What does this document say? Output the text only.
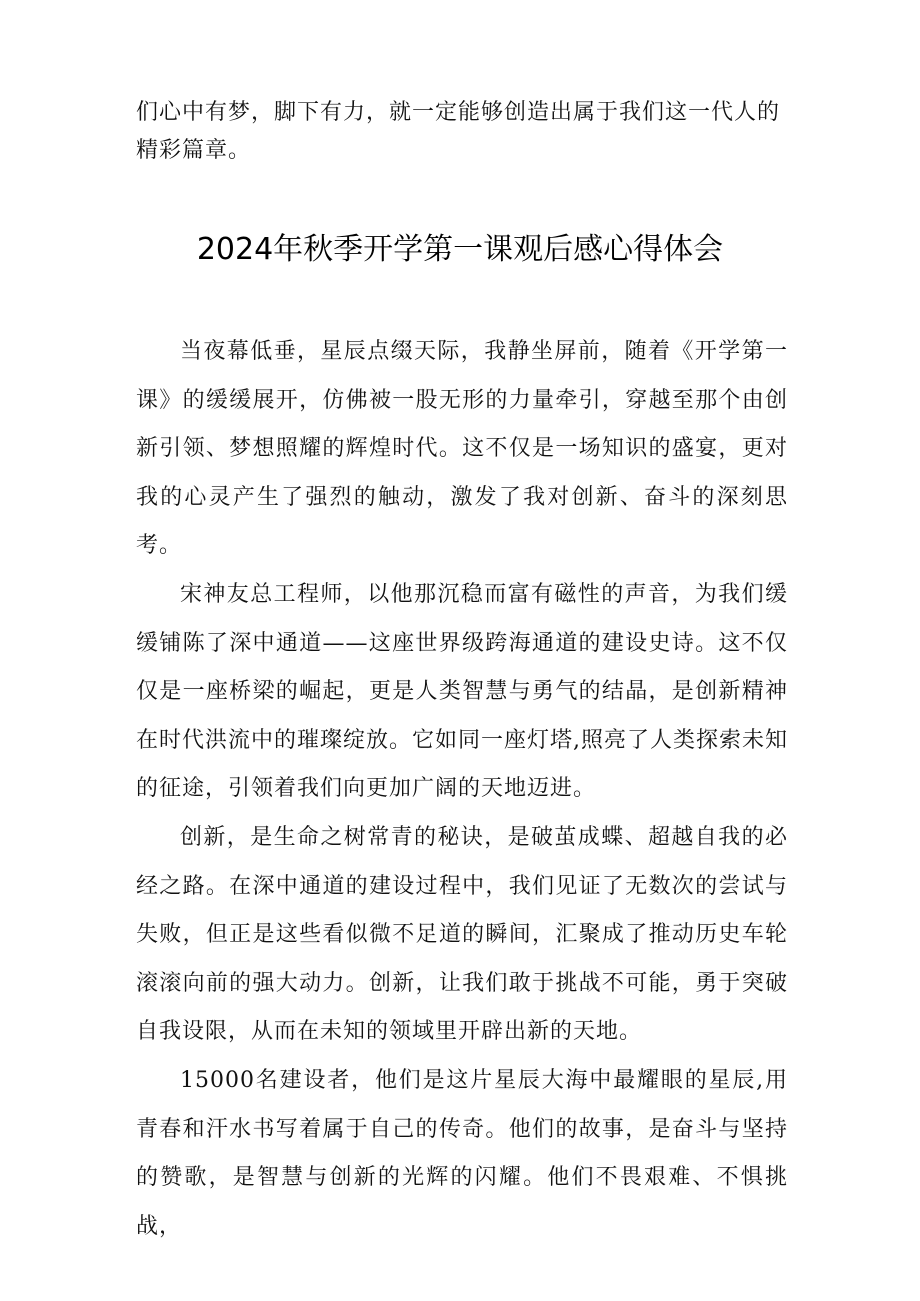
们心中有梦，脚下有力，就一定能够创造出属于我们这一代人的精彩篇章。

2024年秋季开学第一课观后感心得体会

当夜幕低垂，星辰点缀天际，我静坐屏前，随着《开学第一课》的缓缓展开，仿佛被一股无形的力量牵引，穿越至那个由创新引领、梦想照耀的辉煌时代。这不仅是一场知识的盛宴，更对我的心灵产生了强烈的触动，激发了我对创新、奋斗的深刻思考。

宋神友总工程师，以他那沉稳而富有磁性的声音，为我们缓缓铺陈了深中通道——这座世界级跨海通道的建设史诗。这不仅仅是一座桥梁的崛起，更是人类智慧与勇气的结晶，是创新精神在时代洪流中的璀璨绽放。它如同一座灯塔,照亮了人类探索未知的征途，引领着我们向更加广阔的天地迈进。

创新，是生命之树常青的秘诀，是破茧成蝶、超越自我的必经之路。在深中通道的建设过程中，我们见证了无数次的尝试与失败，但正是这些看似微不足道的瞬间，汇聚成了推动历史车轮滚滚向前的强大动力。创新，让我们敢于挑战不可能，勇于突破自我设限，从而在未知的领域里开辟出新的天地。

15000名建设者，他们是这片星辰大海中最耀眼的星辰,用青春和汗水书写着属于自己的传奇。他们的故事，是奋斗与坚持的赞歌，是智慧与创新的光辉的闪耀。他们不畏艰难、不惧挑战，
